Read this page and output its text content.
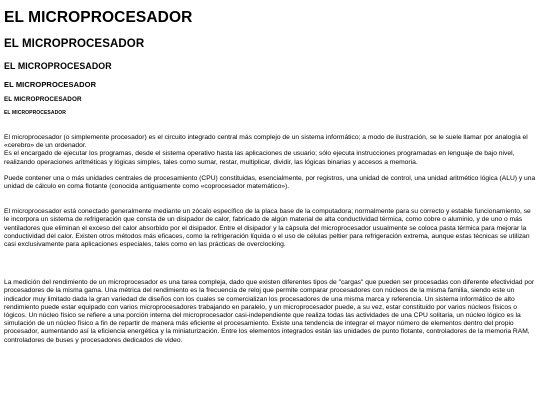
EL MICROPROCESADOR
EL MICROPROCESADOR
EL MICROPROCESADOR
EL MICROPROCESADOR
EL MICROPROCESADOR
EL MICROPROCESADOR

El microprocesador (o simplemente procesador) es el circuito integrado central más complejo de un sistema informático; a modo de ilustración, se le suele llamar por analogía el «cerebro» de un ordenador.
Es el encargado de ejecutar los programas, desde el sistema operativo hasta las aplicaciones de usuario; sólo ejecuta instrucciones programadas en lenguaje de bajo nivel, realizando operaciones aritméticas y lógicas simples, tales como sumar, restar, multiplicar, dividir, las lógicas binarias y accesos a memoria.

Puede contener una o más unidades centrales de procesamiento (CPU) constituidas, esencialmente, por registros, una unidad de control, una unidad aritmético lógica (ALU) y una unidad de cálculo en coma flotante (conocida antiguamente como «coprocesador matemático»).

El microprocesador está conectado generalmente mediante un zócalo específico de la placa base de la computadora; normalmente para su correcto y estable funcionamiento, se le incorpora un sistema de refrigeración que consta de un disipador de calor, fabricado de algún material de alta conductividad térmica, como cobre o aluminio, y de uno o más ventiladores que eliminan el exceso del calor absorbido por el disipador. Entre el disipador y la cápsula del microprocesador usualmente se coloca pasta térmica para mejorar la conductividad del calor. Existen otros métodos más eficaces, como la refrigeración líquida o el uso de células peltier para refrigeración extrema, aunque estas técnicas se utilizan casi exclusivamente para aplicaciones especiales, tales como en las prácticas de overclocking.

La medición del rendimiento de un microprocesador es una tarea compleja, dado que existen diferentes tipos de "cargas" que pueden ser procesadas con diferente efectividad por procesadores de la misma gama. Una métrica del rendimiento es la frecuencia de reloj que permite comparar procesadores con núcleos de la misma familia, siendo este un indicador muy limitado dada la gran variedad de diseños con los cuales se comercializan los procesadores de una misma marca y referencia. Un sistema informático de alto rendimiento puede estar equipado con varios microprocesadores trabajando en paralelo, y un microprocesador puede, a su vez, estar constituido por varios núcleos físicos o lógicos. Un núcleo físico se refiere a una porción interna del microprocesador casi-independiente que realiza todas las actividades de una CPU solitaria, un núcleo lógico es la simulación de un núcleo físico a fin de repartir de manera más eficiente el procesamiento. Existe una tendencia de integrar el mayor número de elementos dentro del propio procesador, aumentando así la eficiencia energética y la miniaturización. Entre los elementos integrados están las unidades de punto flotante, controladores de la memoria RAM, controladores de buses y procesadores dedicados de video.
